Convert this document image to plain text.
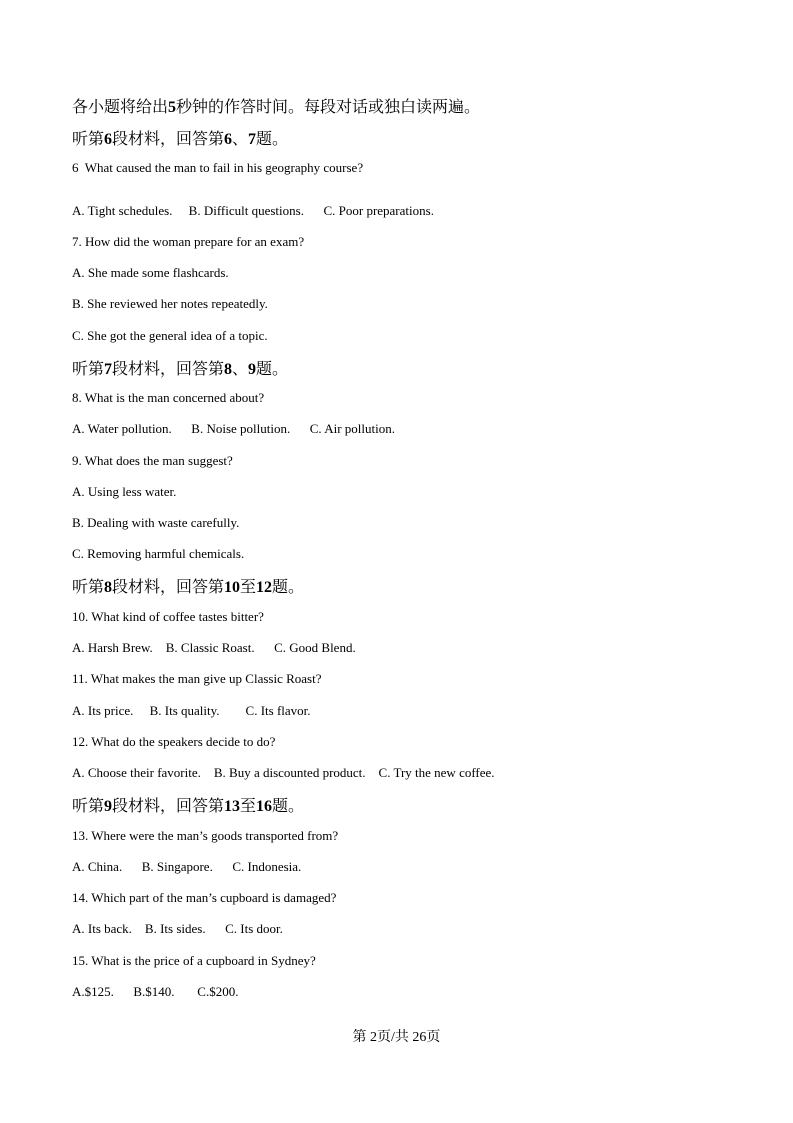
各小题将给出5秒钟的作答时间。每段对话或独白读两遍。
听第6段材料，回答第6、7题。
6  What caused the man to fail in his geography course?
A. Tight schedules.     B. Difficult questions.      C. Poor preparations.
7. How did the woman prepare for an exam?
A. She made some flashcards.
B. She reviewed her notes repeatedly.
C. She got the general idea of a topic.
听第7段材料，回答第8、9题。
8. What is the man concerned about?
A. Water pollution.      B. Noise pollution.      C. Air pollution.
9. What does the man suggest?
A. Using less water.
B. Dealing with waste carefully.
C. Removing harmful chemicals.
听第8段材料，回答第10至12题。
10. What kind of coffee tastes bitter?
A. Harsh Brew.    B. Classic Roast.      C. Good Blend.
11. What makes the man give up Classic Roast?
A. Its price.     B. Its quality.        C. Its flavor.
12. What do the speakers decide to do?
A. Choose their favorite.    B. Buy a discounted product.    C. Try the new coffee.
听第9段材料，回答第13至16题。
13. Where were the man’s goods transported from?
A. China.      B. Singapore.      C. Indonesia.
14. Which part of the man’s cupboard is damaged?
A. Its back.    B. Its sides.      C. Its door.
15. What is the price of a cupboard in Sydney?
A.$125.      B.$140.       C.$200.
第 2页/共 26页
